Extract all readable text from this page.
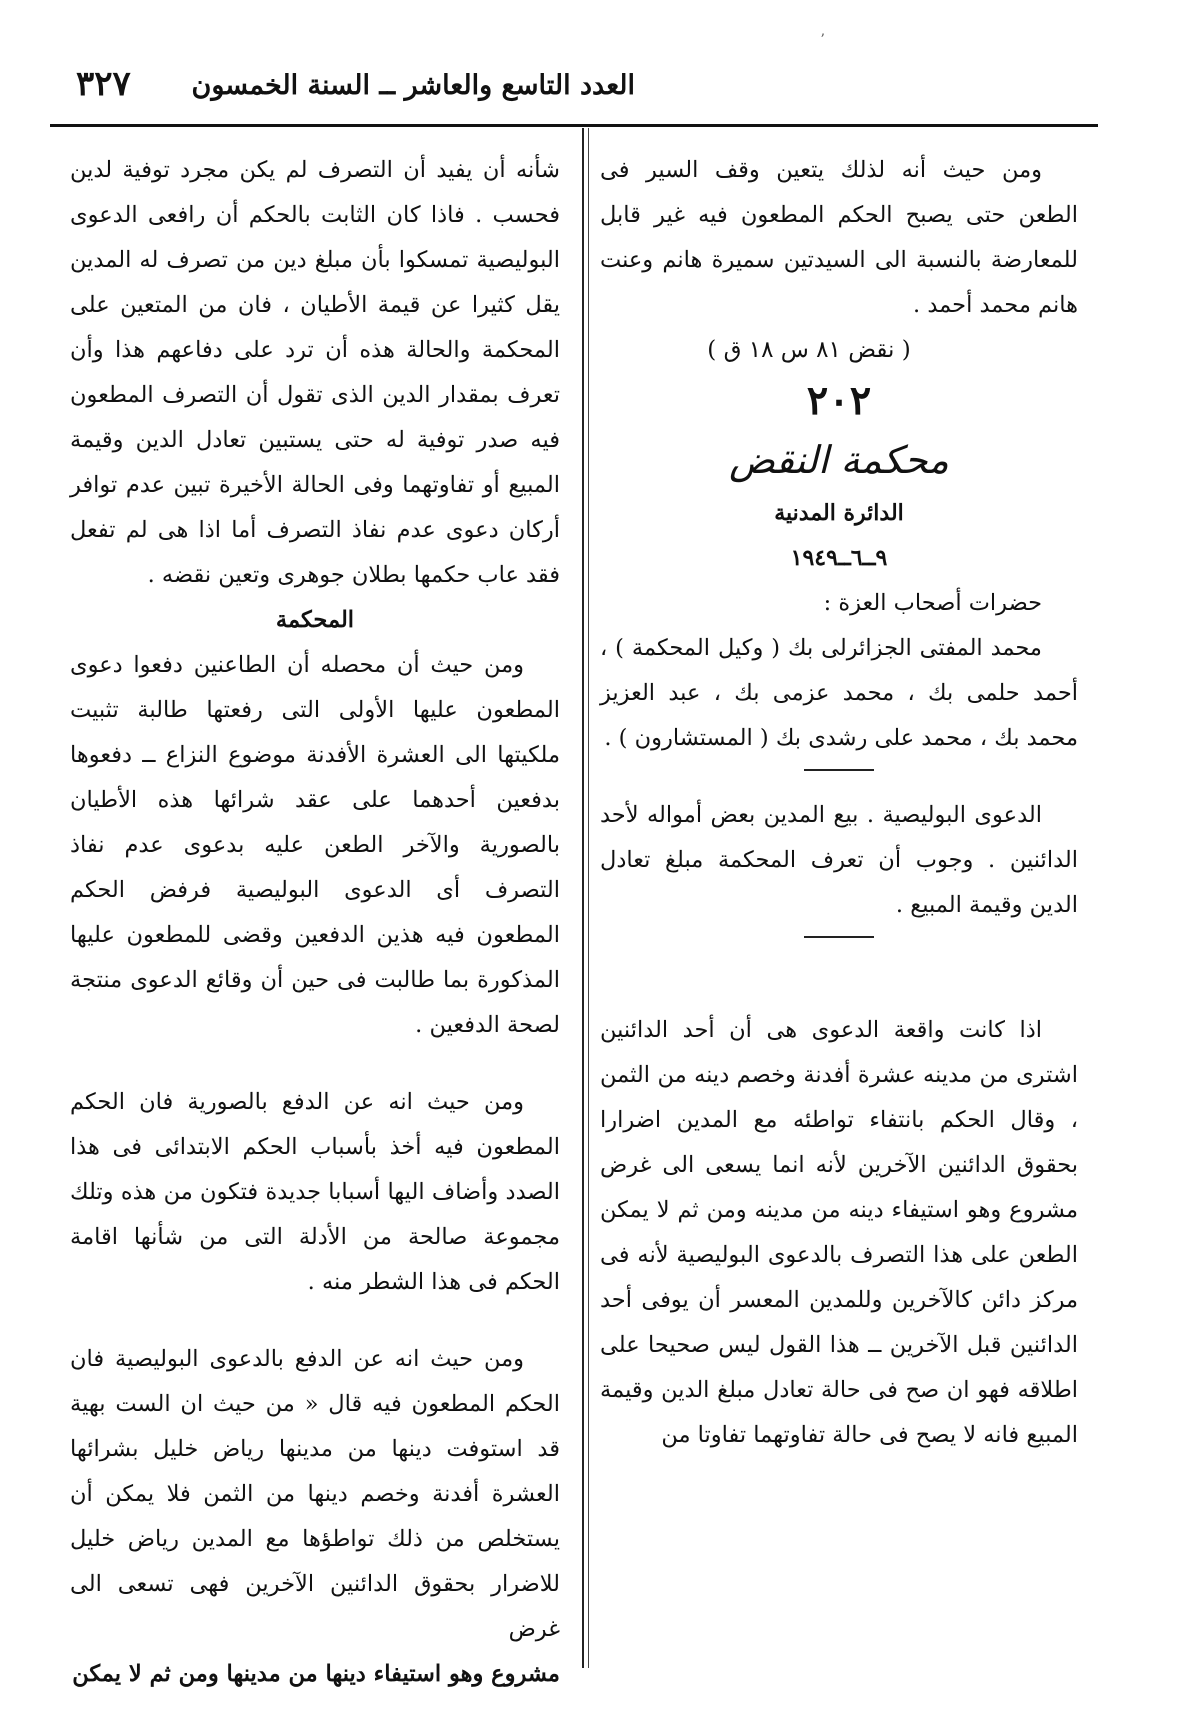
ʼ
العدد التاسع والعاشر ــ السنة الخمسون
٣٢٧

ومن حيث أنه لذلك يتعين وقف السير فى الطعن حتى يصبح الحكم المطعون فيه غير قابل للمعارضة بالنسبة الى السيدتين سميرة هانم وعنت هانم محمد أحمد .

( نقض ٨١ س ١٨ ق )

٢٠٢

محكمة النقض

الدائرة المدنية

٩ــ٦ــ١٩٤٩

حضرات أصحاب العزة :

محمد المفتى الجزائرلى بك ( وكيل المحكمة ) ، أحمد حلمى بك ، محمد عزمى بك ، عبد العزيز محمد بك ، محمد على رشدى بك ( المستشارون ) .

الدعوى البوليصية . بيع المدين بعض أمواله لأحد الدائنين . وجوب أن تعرف المحكمة مبلغ تعادل الدين وقيمة المبيع .

اذا كانت واقعة الدعوى هى أن أحد الدائنين اشترى من مدينه عشرة أفدنة وخصم دينه من الثمن ، وقال الحكم بانتفاء تواطئه مع المدين اضرارا بحقوق الدائنين الآخرين لأنه انما يسعى الى غرض مشروع وهو استيفاء دينه من مدينه ومن ثم لا يمكن الطعن على هذا التصرف بالدعوى البوليصية لأنه فى مركز دائن كالآخرين وللمدين المعسر أن يوفى أحد الدائنين قبل الآخرين ــ هذا القول ليس صحيحا على اطلاقه فهو ان صح فى حالة تعادل مبلغ الدين وقيمة المبيع فانه لا يصح فى حالة تفاوتهما تفاوتا من

شأنه أن يفيد أن التصرف لم يكن مجرد توفية لدين فحسب . فاذا كان الثابت بالحكم أن رافعى الدعوى البوليصية تمسكوا بأن مبلغ دين من تصرف له المدين يقل كثيرا عن قيمة الأطيان ، فان من المتعين على المحكمة والحالة هذه أن ترد على دفاعهم هذا وأن تعرف بمقدار الدين الذى تقول أن التصرف المطعون فيه صدر توفية له حتى يستبين تعادل الدين وقيمة المبيع أو تفاوتهما وفى الحالة الأخيرة تبين عدم توافر أركان دعوى عدم نفاذ التصرف أما اذا هى لم تفعل فقد عاب حكمها بطلان جوهرى وتعين نقضه .

المحكمة

ومن حيث أن محصله أن الطاعنين دفعوا دعوى المطعون عليها الأولى التى رفعتها طالبة تثبيت ملكيتها الى العشرة الأفدنة موضوع النزاع ــ دفعوها بدفعين أحدهما على عقد شرائها هذه الأطيان بالصورية والآخر الطعن عليه بدعوى عدم نفاذ التصرف أى الدعوى البوليصية فرفض الحكم المطعون فيه هذين الدفعين وقضى للمطعون عليها المذكورة بما طالبت فى حين أن وقائع الدعوى منتجة لصحة الدفعين .

ومن حيث انه عن الدفع بالصورية فان الحكم المطعون فيه أخذ بأسباب الحكم الابتدائى فى هذا الصدد وأضاف اليها أسبابا جديدة فتكون من هذه وتلك مجموعة صالحة من الأدلة التى من شأنها اقامة الحكم فى هذا الشطر منه .

ومن حيث انه عن الدفع بالدعوى البوليصية فان الحكم المطعون فيه قال « من حيث ان الست بهية قد استوفت دينها من مدينها رياض خليل بشرائها العشرة أفدنة وخصم دينها من الثمن فلا يمكن أن يستخلص من ذلك تواطؤها مع المدين رياض خليل للاضرار بحقوق الدائنين الآخرين فهى تسعى الى غرض

مشروع وهو استيفاء دينها من مدينها ومن ثم لا يمكن
